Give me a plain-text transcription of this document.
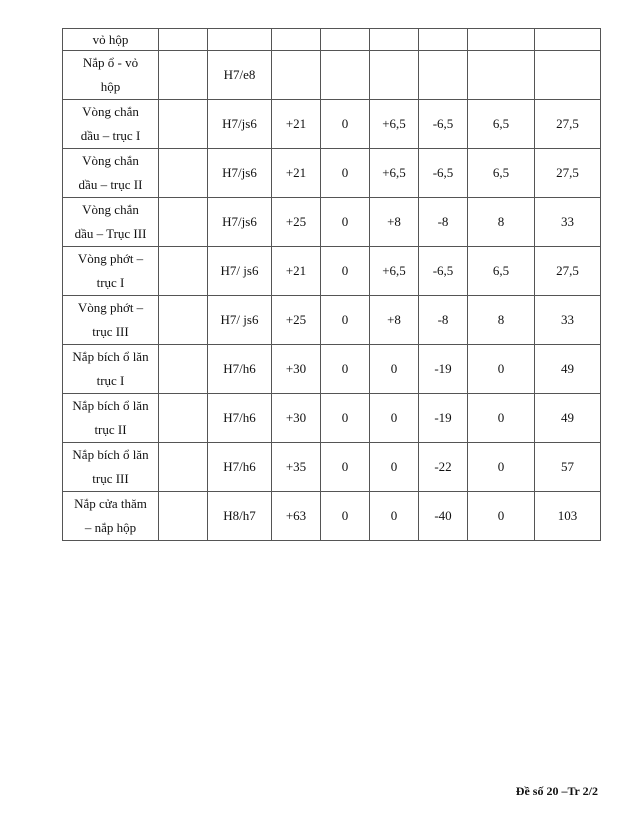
vỏ hộp								

Nắp ổ - vỏ
hộp		H7/e8						

Vòng chắn
dầu – trục I		H7/js6	+21	0	+6,5	-6,5	6,5	27,5

Vòng chắn
dầu – trục II		H7/js6	+21	0	+6,5	-6,5	6,5	27,5

Vòng chắn
dầu – Trục III		H7/js6	+25	0	+8	-8	8	33

Vòng phớt –
trục I		H7/ js6	+21	0	+6,5	-6,5	6,5	27,5

Vòng phớt –
trục III		H7/ js6	+25	0	+8	-8	8	33

Nắp bích ổ lăn
trục I		H7/h6	+30	0	0	-19	0	49

Nắp bích ổ lăn
trục II		H7/h6	+30	0	0	-19	0	49

Nắp bích ổ lăn
trục III		H7/h6	+35	0	0	-22	0	57

Nắp cửa thăm
– nắp hộp		H8/h7	+63	0	0	-40	0	103
Đề số 20 –Tr 2/2
